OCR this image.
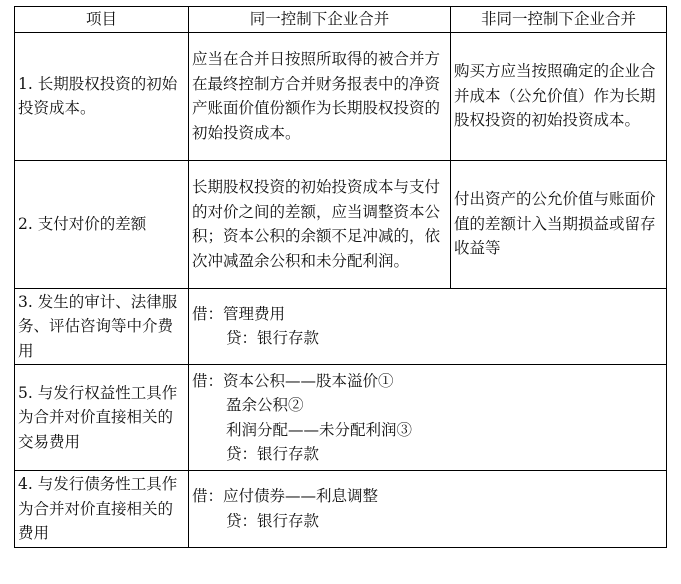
项目	同一控制下企业合并	非同一控制下企业合并
1. 长期股权投资的初始投资成本。	应当在合并日按照所取得的被合并方在最终控制方合并财务报表中的净资产账面价值份额作为长期股权投资的初始投资成本。	购买方应当按照确定的企业合并成本（公允价值）作为长期股权投资的初始投资成本。
2. 支付对价的差额	长期股权投资的初始投资成本与支付的对价之间的差额，应当调整资本公积；资本公积的余额不足冲减的，依次冲减盈余公积和未分配利润。	付出资产的公允价值与账面价值的差额计入当期损益或留存收益等
3. 发生的审计、法律服务、评估咨询等中介费用	借：管理费用
贷：银行存款	

5. 与发行权益性工具作为合并对价直接相关的交易费用	借：资本公积——股本溢价①
盈余公积②
利润分配——未分配利润③
贷：银行存款	

4. 与发行债务性工具作为合并对价直接相关的费用	借：应付债券——利息调整
贷：银行存款	
